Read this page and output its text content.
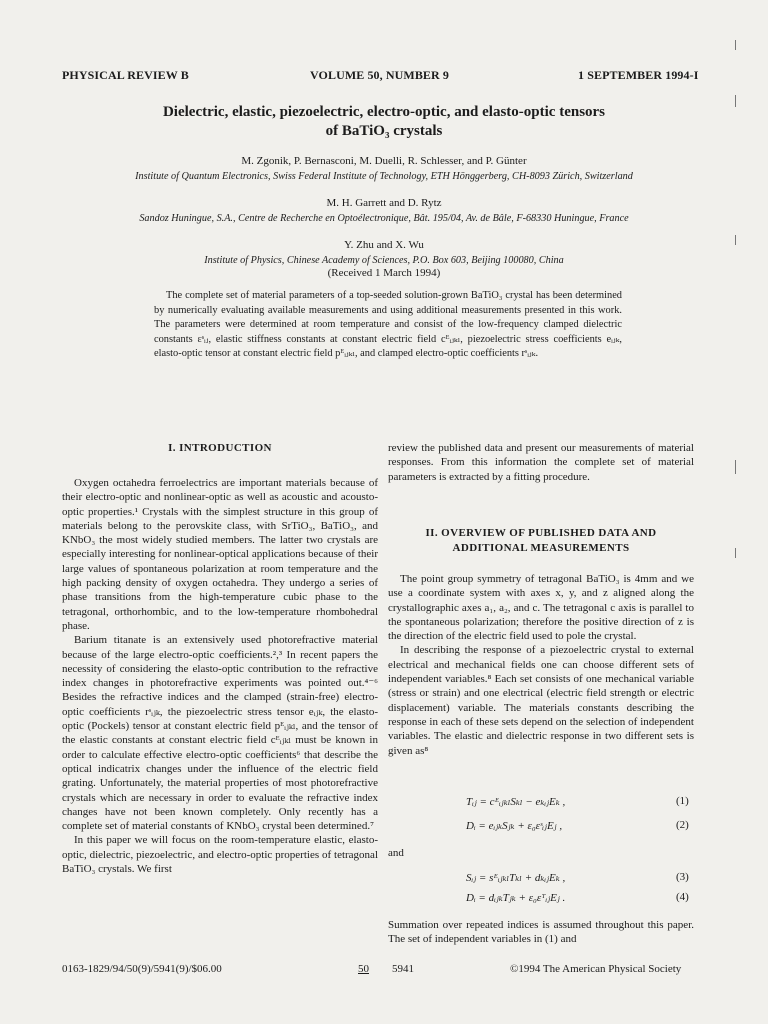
PHYSICAL REVIEW B	VOLUME 50, NUMBER 9	1 SEPTEMBER 1994-I
Dielectric, elastic, piezoelectric, electro-optic, and elasto-optic tensors
of BaTiO₃ crystals
M. Zgonik, P. Bernasconi, M. Duelli, R. Schlesser, and P. Günter
Institute of Quantum Electronics, Swiss Federal Institute of Technology, ETH Hönggerberg, CH-8093 Zürich, Switzerland
M. H. Garrett and D. Rytz
Sandoz Huningue, S.A., Centre de Recherche en Optoélectronique, Bât. 195/04, Av. de Bâle, F-68330 Huningue, France
Y. Zhu and X. Wu
Institute of Physics, Chinese Academy of Sciences, P.O. Box 603, Beijing 100080, China
(Received 1 March 1994)
The complete set of material parameters of a top-seeded solution-grown BaTiO₃ crystal has been determined by numerically evaluating available measurements and using additional measurements presented in this work. The parameters were determined at room temperature and consist of the low-frequency clamped dielectric constants εˢᵢⱼ, elastic stiffness constants at constant electric field cᴱᵢⱼₖₗ, piezoelectric stress coefficients eᵢⱼₖ, elasto-optic tensor at constant electric field pᴱᵢⱼₖₗ, and clamped electro-optic coefficients rˢᵢⱼₖ.
I. INTRODUCTION

Oxygen octahedra ferroelectrics are important materials because of their electro-optic and nonlinear-optic as well as acoustic and acousto-optic properties.¹ Crystals with the simplest structure in this group of materials belong to the perovskite class, with SrTiO₃, BaTiO₃, and KNbO₃ the most widely studied members. The latter two crystals are especially interesting for nonlinear-optical applications because of their large values of spontaneous polarization at room temperature and the high packing density of oxygen octahedra. They undergo a series of phase transitions from the high-temperature cubic phase to the tetragonal, orthorhombic, and to the low-temperature rhombohedral phase.

Barium titanate is an extensively used photorefractive material because of the large electro-optic coefficients.²,³ In recent papers the necessity of considering the elasto-optic contribution to the refractive index changes in photorefractive experiments was pointed out.⁴⁻⁶ Besides the refractive indices and the clamped (strain-free) electro-optic coefficients rˢᵢⱼₖ, the piezoelectric stress tensor eᵢⱼₖ, the elasto-optic (Pockels) tensor at constant electric field pᴱᵢⱼₖₗ, and the tensor of the elastic constants at constant electric field cᴱᵢⱼₖₗ must be known in order to calculate effective electro-optic coefficients⁶ that describe the optical indicatrix changes under the influence of the electric field grating. Unfortunately, the material properties of most photorefractive crystals which are necessary in order to evaluate the refractive index changes have not been known completely. Only recently has a complete set of material constants of KNbO₃ crystal been determined.⁷

In this paper we will focus on the room-temperature elastic, elasto-optic, dielectric, piezoelectric, and electro-optic properties of tetragonal BaTiO₃ crystals. We first

review the published data and present our measurements of material responses. From this information the complete set of material parameters is extracted by a fitting procedure.

II. OVERVIEW OF PUBLISHED DATA AND
ADDITIONAL MEASUREMENTS

The point group symmetry of tetragonal BaTiO₃ is 4mm and we use a coordinate system with axes x, y, and z aligned along the crystallographic axes a₁, a₂, and c. The tetragonal c axis is parallel to the spontaneous polarization; therefore the positive direction of z is the direction of the electric field used to pole the crystal.

In describing the response of a piezoelectric crystal to external electrical and mechanical fields one can choose different sets of independent variables.⁸ Each set consists of one mechanical variable (stress or strain) and one electrical (electric field strength or electric displacement) variable. The materials constants describing the response in each of these sets depend on the selection of independent variables. The elastic and dielectric response in two different sets is given as⁸

Tᵢⱼ = cᴱᵢⱼₖₗSₖₗ − eₖᵢⱼEₖ ,	(1)
Dᵢ = eᵢⱼₖSⱼₖ + ε₀εˢᵢⱼEⱼ ,	(2)
and
Sᵢⱼ = sᴱᵢⱼₖₗTₖₗ + dₖᵢⱼEₖ ,	(3)
Dᵢ = dᵢⱼₖTⱼₖ + ε₀εᵀᵢⱼEⱼ .	(4)

Summation over repeated indices is assumed throughout this paper. The set of independent variables in (1) and

0163-1829/94/50(9)/5941(9)/$06.00	50 5941	©1994 The American Physical Society
